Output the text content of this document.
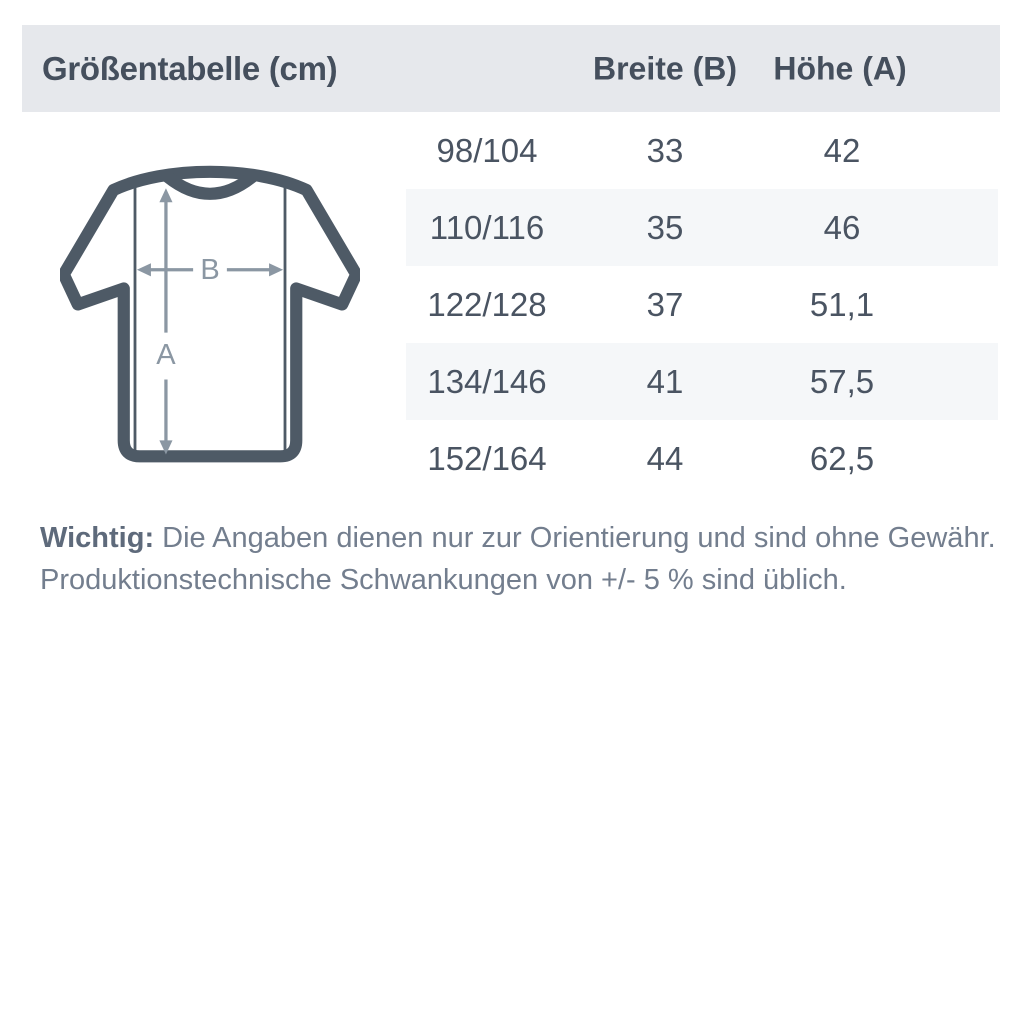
Größentabelle (cm)	Breite (B) Höhe (A)
B
A
98/104	33	42
110/116	35	46
122/128	37	51,1
134/146	41	57,5
152/164	44	62,5
Wichtig: Die Angaben dienen nur zur Orientierung und sind ohne Gewähr.
Produktionstechnische Schwankungen von +/- 5 % sind üblich.
